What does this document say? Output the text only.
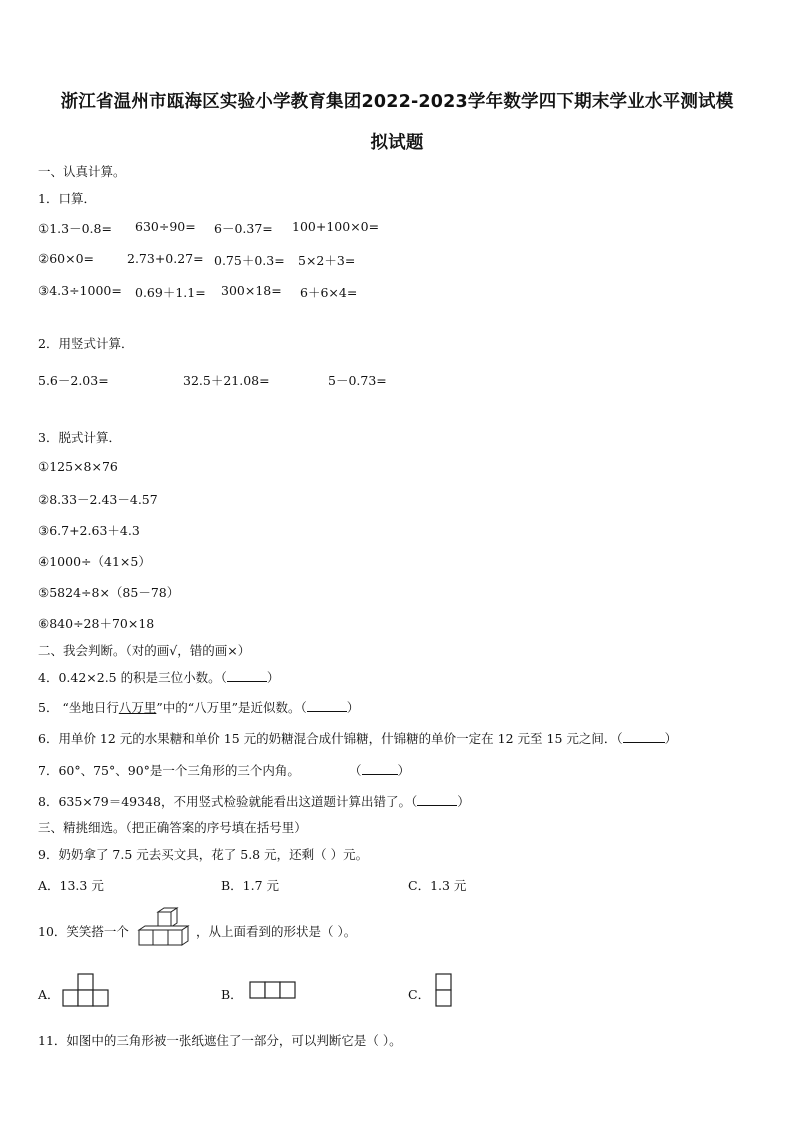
浙江省温州市瓯海区实验小学教育集团2022-2023学年数学四下期末学业水平测试模
拟试题
一、认真计算。
1．口算．
①1.3－0.8= 630÷90= 6－0.37= 100+100×0=
②60×0=	2.73+0.27= 0.75＋0.3= 5×2＋3=
③4.3÷1000= 0.69＋1.1= 300×18= 6＋6×4=
2．用竖式计算．
5.6－2.03=	32.5＋21.08=	5－0.73=
3．脱式计算．
①125×8×76
②8.33－2.43－4.57
③6.7+2.63＋4.3
④1000÷（41×5）
⑤5824÷8×（85－78）
⑥840÷28＋70×18
二、我会判断。（对的画√，错的画×）
4．0.42×2.5 的积是三位小数。（	）
5． “坐地日行八万里”中的“八万里”是近似数。（	）
6．用单价 12 元的水果糖和单价 15 元的奶糖混合成什锦糖，什锦糖的单价一定在 12 元至 15 元之间．（	）
7．60°、75°、90°是一个三角形的三个内角。	（	）
8．635×79＝49348，不用竖式检验就能看出这道题计算出错了。（	）
三、精挑细选。（把正确答案的序号填在括号里）
9．奶奶拿了 7.5 元去买文具，花了 5.8 元，还剩（ ）元。
A．13.3 元	B．1.7 元	C．1.3 元
10．笑笑搭一个	，从上面看到的形状是（ ）。
A．	B．	C．
11．如图中的三角形被一张纸遮住了一部分，可以判断它是（ ）。
